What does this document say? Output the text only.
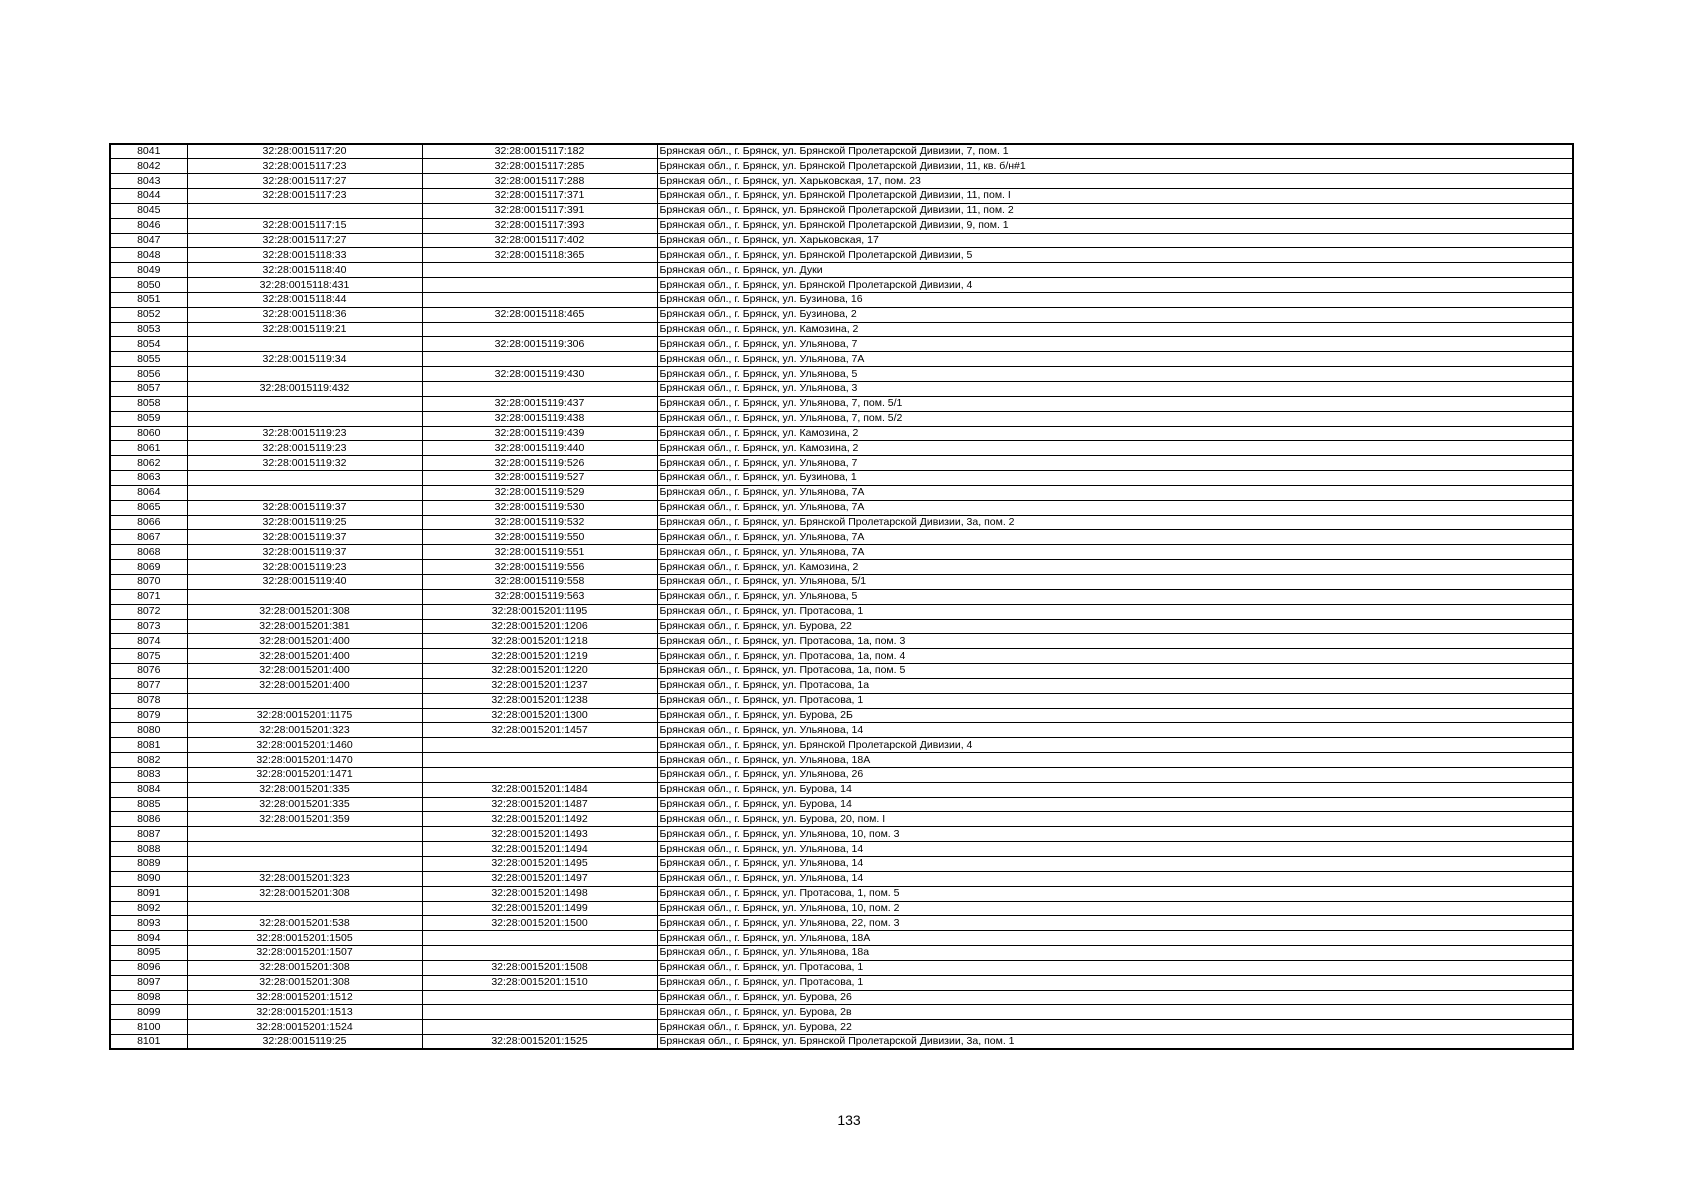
8041	32:28:0015117:20	32:28:0015117:182	Брянская обл., г. Брянск, ул. Брянской Пролетарской Дивизии, 7, пом. 1
8042	32:28:0015117:23	32:28:0015117:285	Брянская обл., г. Брянск, ул. Брянской Пролетарской Дивизии, 11, кв. б/н#1
8043	32:28:0015117:27	32:28:0015117:288	Брянская обл., г. Брянск, ул. Харьковская, 17, пом. 23
8044	32:28:0015117:23	32:28:0015117:371	Брянская обл., г. Брянск, ул. Брянской Пролетарской Дивизии, 11, пом. I
8045		32:28:0015117:391	Брянская обл., г. Брянск, ул. Брянской Пролетарской Дивизии, 11, пом. 2
8046	32:28:0015117:15	32:28:0015117:393	Брянская обл., г. Брянск, ул. Брянской Пролетарской Дивизии, 9, пом. 1
8047	32:28:0015117:27	32:28:0015117:402	Брянская обл., г. Брянск, ул. Харьковская, 17
8048	32:28:0015118:33	32:28:0015118:365	Брянская обл., г. Брянск, ул. Брянской Пролетарской Дивизии, 5
8049	32:28:0015118:40		Брянская обл., г. Брянск, ул. Дуки
8050	32:28:0015118:431		Брянская обл., г. Брянск, ул. Брянской Пролетарской Дивизии, 4
8051	32:28:0015118:44		Брянская обл., г. Брянск, ул. Бузинова, 16
8052	32:28:0015118:36	32:28:0015118:465	Брянская обл., г. Брянск, ул. Бузинова, 2
8053	32:28:0015119:21		Брянская обл., г. Брянск, ул. Камозина, 2
8054		32:28:0015119:306	Брянская обл., г. Брянск, ул. Ульянова, 7
8055	32:28:0015119:34		Брянская обл., г. Брянск, ул. Ульянова, 7А
8056		32:28:0015119:430	Брянская обл., г. Брянск, ул. Ульянова, 5
8057	32:28:0015119:432		Брянская обл., г. Брянск, ул. Ульянова, 3
8058		32:28:0015119:437	Брянская обл., г. Брянск, ул. Ульянова, 7, пом. 5/1
8059		32:28:0015119:438	Брянская обл., г. Брянск, ул. Ульянова, 7, пом. 5/2
8060	32:28:0015119:23	32:28:0015119:439	Брянская обл., г. Брянск, ул. Камозина, 2
8061	32:28:0015119:23	32:28:0015119:440	Брянская обл., г. Брянск, ул. Камозина, 2
8062	32:28:0015119:32	32:28:0015119:526	Брянская обл., г. Брянск, ул. Ульянова, 7
8063		32:28:0015119:527	Брянская обл., г. Брянск, ул. Бузинова, 1
8064		32:28:0015119:529	Брянская обл., г. Брянск, ул. Ульянова, 7А
8065	32:28:0015119:37	32:28:0015119:530	Брянская обл., г. Брянск, ул. Ульянова, 7А
8066	32:28:0015119:25	32:28:0015119:532	Брянская обл., г. Брянск, ул. Брянской Пролетарской Дивизии, 3а, пом. 2
8067	32:28:0015119:37	32:28:0015119:550	Брянская обл., г. Брянск, ул. Ульянова, 7А
8068	32:28:0015119:37	32:28:0015119:551	Брянская обл., г. Брянск, ул. Ульянова, 7А
8069	32:28:0015119:23	32:28:0015119:556	Брянская обл., г. Брянск, ул. Камозина, 2
8070	32:28:0015119:40	32:28:0015119:558	Брянская обл., г. Брянск, ул. Ульянова, 5/1
8071		32:28:0015119:563	Брянская обл., г. Брянск, ул. Ульянова, 5
8072	32:28:0015201:308	32:28:0015201:1195	Брянская обл., г. Брянск, ул. Протасова, 1
8073	32:28:0015201:381	32:28:0015201:1206	Брянская обл., г. Брянск, ул. Бурова, 22
8074	32:28:0015201:400	32:28:0015201:1218	Брянская обл., г. Брянск, ул. Протасова, 1а, пом. 3
8075	32:28:0015201:400	32:28:0015201:1219	Брянская обл., г. Брянск, ул. Протасова, 1а, пом. 4
8076	32:28:0015201:400	32:28:0015201:1220	Брянская обл., г. Брянск, ул. Протасова, 1а, пом. 5
8077	32:28:0015201:400	32:28:0015201:1237	Брянская обл., г. Брянск, ул. Протасова, 1а
8078		32:28:0015201:1238	Брянская обл., г. Брянск, ул. Протасова, 1
8079	32:28:0015201:1175	32:28:0015201:1300	Брянская обл., г. Брянск, ул. Бурова, 2Б
8080	32:28:0015201:323	32:28:0015201:1457	Брянская обл., г. Брянск, ул. Ульянова, 14
8081	32:28:0015201:1460		Брянская обл., г. Брянск, ул. Брянской Пролетарской Дивизии, 4
8082	32:28:0015201:1470		Брянская обл., г. Брянск, ул. Ульянова, 18А
8083	32:28:0015201:1471		Брянская обл., г. Брянск, ул. Ульянова, 26
8084	32:28:0015201:335	32:28:0015201:1484	Брянская обл., г. Брянск, ул. Бурова, 14
8085	32:28:0015201:335	32:28:0015201:1487	Брянская обл., г. Брянск, ул. Бурова, 14
8086	32:28:0015201:359	32:28:0015201:1492	Брянская обл., г. Брянск, ул. Бурова, 20, пом. I
8087		32:28:0015201:1493	Брянская обл., г. Брянск, ул. Ульянова, 10, пом. 3
8088		32:28:0015201:1494	Брянская обл., г. Брянск, ул. Ульянова, 14
8089		32:28:0015201:1495	Брянская обл., г. Брянск, ул. Ульянова, 14
8090	32:28:0015201:323	32:28:0015201:1497	Брянская обл., г. Брянск, ул. Ульянова, 14
8091	32:28:0015201:308	32:28:0015201:1498	Брянская обл., г. Брянск, ул. Протасова, 1, пом. 5
8092		32:28:0015201:1499	Брянская обл., г. Брянск, ул. Ульянова, 10, пом. 2
8093	32:28:0015201:538	32:28:0015201:1500	Брянская обл., г. Брянск, ул. Ульянова, 22, пом. 3
8094	32:28:0015201:1505		Брянская обл., г. Брянск, ул. Ульянова, 18А
8095	32:28:0015201:1507		Брянская обл., г. Брянск, ул. Ульянова, 18а
8096	32:28:0015201:308	32:28:0015201:1508	Брянская обл., г. Брянск, ул. Протасова, 1
8097	32:28:0015201:308	32:28:0015201:1510	Брянская обл., г. Брянск, ул. Протасова, 1
8098	32:28:0015201:1512		Брянская обл., г. Брянск, ул. Бурова, 26
8099	32:28:0015201:1513		Брянская обл., г. Брянск, ул. Бурова, 2в
8100	32:28:0015201:1524		Брянская обл., г. Брянск, ул. Бурова, 22
8101	32:28:0015119:25	32:28:0015201:1525	Брянская обл., г. Брянск, ул. Брянской Пролетарской Дивизии, 3а, пом. 1
133
